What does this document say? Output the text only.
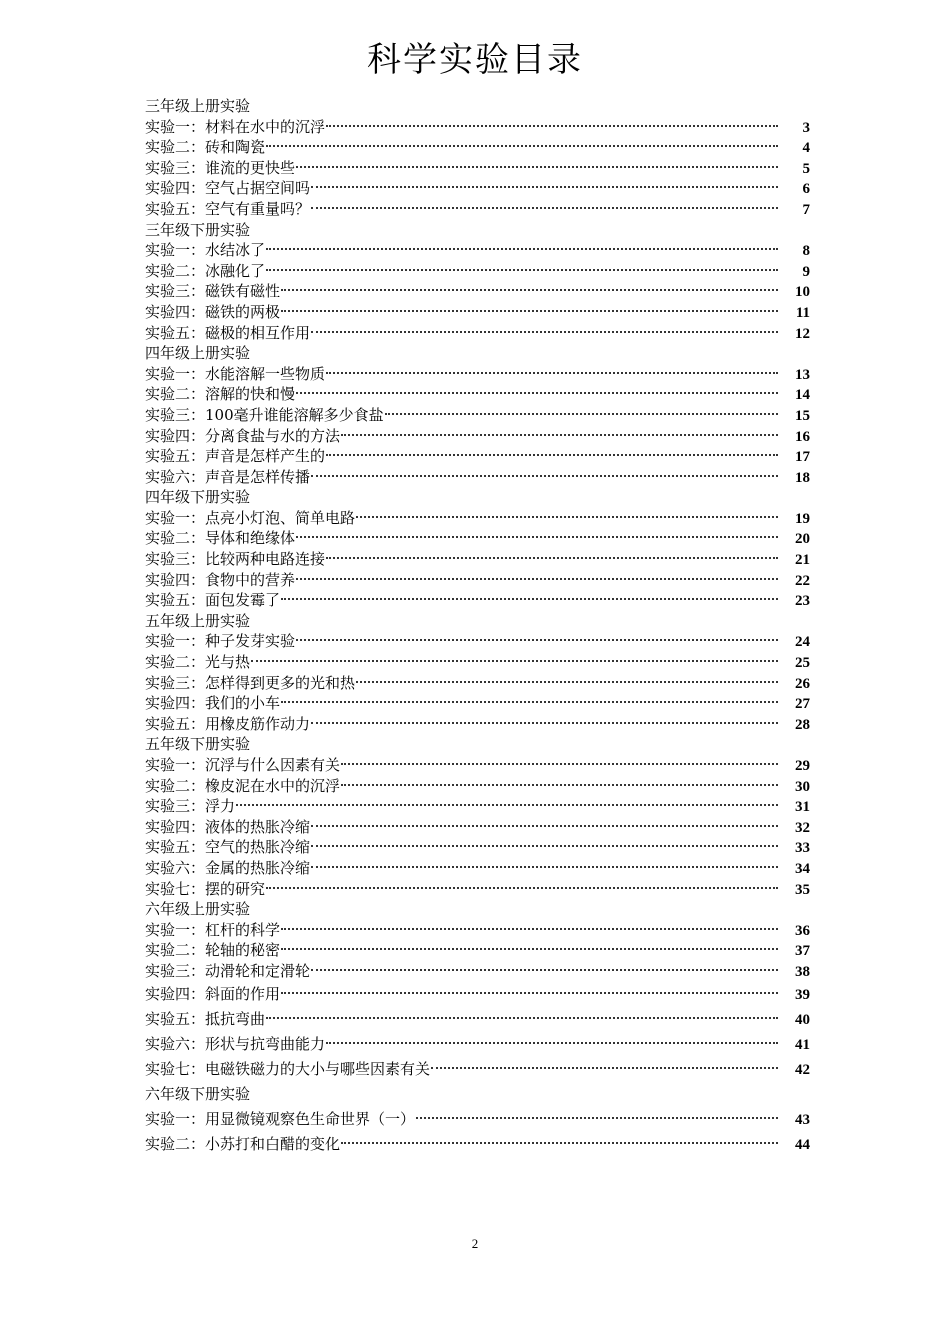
科学实验目录
三年级上册实验
实验一：材料在水中的沉浮	3
实验二：砖和陶瓷	4
实验三：谁流的更快些	5
实验四：空气占据空间吗	6
实验五：空气有重量吗？	7
三年级下册实验
实验一：水结冰了	8
实验二：冰融化了	9
实验三：磁铁有磁性	10
实验四：磁铁的两极	11
实验五：磁极的相互作用	12
四年级上册实验
实验一：水能溶解一些物质	13
实验二：溶解的快和慢	14
实验三：100毫升谁能溶解多少食盐	15
实验四：分离食盐与水的方法	16
实验五：声音是怎样产生的	17
实验六：声音是怎样传播	18
四年级下册实验
实验一：点亮小灯泡、简单电路	19
实验二：导体和绝缘体	20
实验三：比较两种电路连接	21
实验四：食物中的营养	22
实验五：面包发霉了	23
五年级上册实验
实验一：种子发芽实验	24
实验二：光与热	25
实验三：怎样得到更多的光和热	26
实验四：我们的小车	27
实验五：用橡皮筋作动力	28
五年级下册实验
实验一：沉浮与什么因素有关	29
实验二：橡皮泥在水中的沉浮	30
实验三：浮力	31
实验四：液体的热胀冷缩	32
实验五：空气的热胀冷缩	33
实验六：金属的热胀冷缩	34
实验七：摆的研究	35
六年级上册实验
实验一：杠杆的科学	36
实验二：轮轴的秘密	37
实验三：动滑轮和定滑轮	38
实验四：斜面的作用	39
实验五：抵抗弯曲	40
实验六：形状与抗弯曲能力	41
实验七：电磁铁磁力的大小与哪些因素有关	42
六年级下册实验
实验一：用显微镜观察色生命世界（一）	43
实验二：小苏打和白醋的变化	44
2
